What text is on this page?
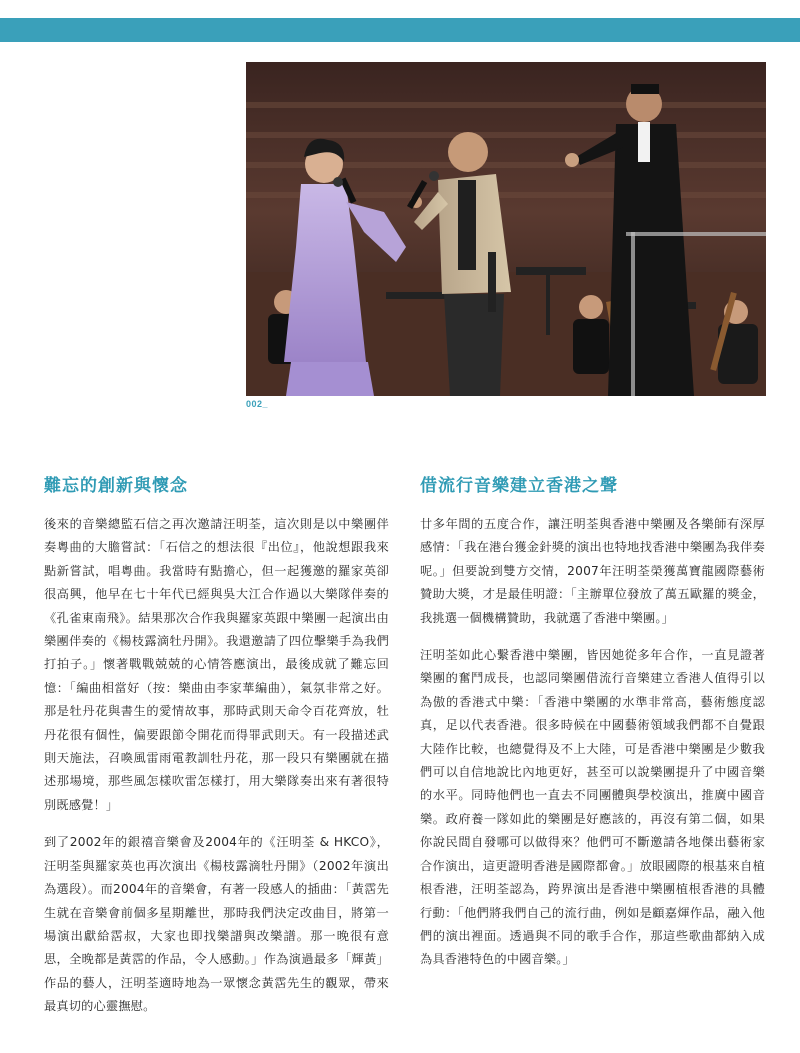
002_
難忘的創新與懷念	借流行音樂建立香港之聲

後來的音樂總監石信之再次邀請汪明荃，這次則是以中樂團伴奏粵曲的大膽嘗試：「石信之的想法很『出位』，他說想跟我來點新嘗試，唱粵曲。我當時有點擔心，但一起獲邀的羅家英卻很高興，他早在七十年代已經與吳大江合作過以大樂隊伴奏的《孔雀東南飛》。結果那次合作我與羅家英跟中樂團一起演出由樂團伴奏的《楊枝露滴牡丹開》。我還邀請了四位擊樂手為我們打拍子。」懷著戰戰兢兢的心情答應演出，最後成就了難忘回憶：「編曲相當好（按：樂曲由李家華編曲），氣氛非常之好。那是牡丹花與書生的愛情故事，那時武則天命令百花齊放，牡丹花很有個性，偏要跟節令開花而得罪武則天。有一段描述武則天施法，召喚風雷雨電教訓牡丹花，那一段只有樂團就在描述那場境，那些風怎樣吹雷怎樣打，用大樂隊奏出來有著很特別既感覺！」

到了2002年的銀禧音樂會及2004年的《汪明荃 & HKCO》，汪明荃與羅家英也再次演出《楊枝露滴牡丹開》（2002年演出為選段）。而2004年的音樂會，有著一段感人的插曲：「黃霑先生就在音樂會前個多星期離世，那時我們決定改曲目，將第一場演出獻給霑叔，大家也即找樂譜與改樂譜。那一晚很有意思，全晚都是黃霑的作品，令人感動。」作為演過最多「輝黃」作品的藝人，汪明荃適時地為一眾懷念黃霑先生的觀眾，帶來最真切的心靈撫慰。

廿多年間的五度合作，讓汪明荃與香港中樂團及各樂師有深厚感情：「我在港台獲金針獎的演出也特地找香港中樂團為我伴奏呢。」但要說到雙方交情，2007年汪明荃榮獲萬寶龍國際藝術贊助大獎，才是最佳明證：「主辦單位發放了萬五歐羅的獎金，我挑選一個機構贊助，我就選了香港中樂團。」

汪明荃如此心繫香港中樂團，皆因她從多年合作，一直見證著樂團的奮鬥成長，也認同樂團借流行音樂建立香港人值得引以為傲的香港式中樂：「香港中樂團的水準非常高，藝術態度認真，足以代表香港。很多時候在中國藝術領域我們都不自覺跟大陸作比較，也總覺得及不上大陸，可是香港中樂團是少數我們可以自信地說比內地更好，甚至可以說樂團提升了中國音樂的水平。同時他們也一直去不同團體與學校演出，推廣中國音樂。政府養一隊如此的樂團是好應該的，再沒有第二個，如果你說民間自發哪可以做得來？他們可不斷邀請各地傑出藝術家合作演出，這更證明香港是國際都會。」放眼國際的根基來自植根香港，汪明荃認為，跨界演出是香港中樂團植根香港的具體行動：「他們將我們自己的流行曲，例如是顧嘉煇作品，融入他們的演出裡面。透過與不同的歌手合作，那這些歌曲都納入成為具香港特色的中國音樂。」
